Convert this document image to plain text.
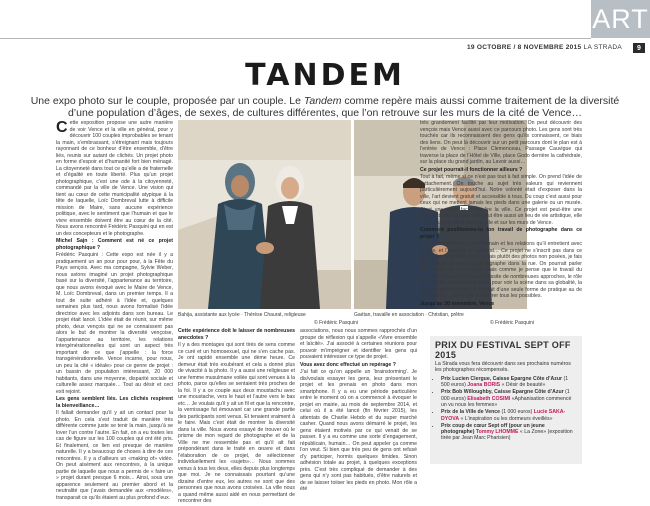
ART
19 OCTOBRE / 8 NOVEMBRE 2015 LA STRADA	9
TANDEM
Une expo photo sur le couple, proposée par un couple. Le Tandem comme repère mais aussi comme traitement de la diversité d’une population d’âges, de sexes, de cultures différentes, que l’on retrouve sur les murs de la cité de Vence…

Cette exposition propose une autre manière de voir Vence et la ville en général, pour y découvrir 100 couples improbables se tenant la main, s’embrassant, s’étreignant mais toujours rayonnant de ce bonheur d’être ensemble, d’être liés, reunis sur autant de clichés. Un projet photo en forme d’espoir et d’humanité fort bien ménagé. La citoyenneté dans tout ce qu’elle a de fraternelle et d’égalité en toute liberté. Plus qu’un projet photographique, c’est une ode à la citoyenneté, commandé par la ville de Vence. Une vision qui tient au cœur de cette municipalité atypique à la tête de laquelle, Loïc Dombreval lutte à difficile mission de Maire, sans aucune expérience politique, avec le sentiment que l’humain et que le vivre ensemble doivent être au cœur de la cité. Nous avons rencontré Frédéric Pasquini qui en est un des concepteurs et le photographe.

Michel Sajn : Comment est né ce projet photographique ?

Frédéric Pasquini : Cette expo est née il y a pratiquement un an pour pour pour, à la Fête du Pays vençois. Avec ma compagne, Sylvie Weber, nous avions imaginé un projet photographique basé sur la diversité, l’appartenance au territoire, que nous avons évoqué avec le Maire de Vence, M. Loïc Dombreval, dans un premier temps. Il a tout de suite adhéré à l’idée et, quelques semaines plus tard, nous avons formalisé l’idée directrice avec les adjoints dans son bureau. Le projet était lancé. L’idée était de réunir, sur même photo, deux vençois qui ne se connaissent pas alors le but de montrer la diversité vençoise, l’appartenance au territoire, les relations intergénérationnelles qui sont un aspect très important de ce que j’appelle : la force transgénérationnelle. Vence incarne, pour nous, un peu la cité « idéale» pour ce genre de projet : un bassin de population intéressant, 20 000 habitants, dans une moyenne, disparité sociale et culturelle assez marquée… Tout au désir et ceci exit rejoint.

Les gens semblent liés. Les clichés respirent la bienveillance…

Il fallait demander qu’il y ait un contact pour la photo. En cela s’est traduit de manière très différente comme juste se tenir la main, jusqu’à se lover l’un contre l’autre. En fait, on a eu toutes les cas de figure sur les 100 couples qui ont été pris. Et finalement, ce lien est presque de manière naturelle. Il y a beaucoup de choses à dire de ces rencontres. Il y a d’ailleurs un «making of» vidéo. On peut aisément aux rencontres, à la unique partie de laquelle que nous a permis de « faire un » projet durant presque 6 mois… Ainsi, sous une apparence seulement au premier abord et la neutralité que j’avais demandée aux «modèles», transparait ce qu’ils étaient au plus profond d’eux.

Bahija, assistante aux lycée · Thérèse Chaurat, religieuse
© Frédéric Pasquini
Gaétan, travaille en association · Christian, prêtre
© Frédéric Pasquini

Cette expérience doit le laisser de nombreuses anecdotes ?

Il y a des montages qui sont tirés de sens comme ce curé et un homosexuel, qui ne s’en cache pas. Je ont rapidé ensemble une dème heure. Ce demeur était très exubérant et cela a donné plus de vivacité à la photo. Il y a aussi une religieuse et une femme musulmane voilée qui sont venues à la photo, parce qu’elles se sentaient très proches de la foi. Il y a ce couple aux deux moustachu avec une moustache, vers le haut et l’autre vers le bas etc… Je voulais qu’il y ait un fil et que la rencontre, la vernissage fut émouvant car une grande partie des participants sont venus. Et tenaient vraiment à le faire. Mais c’est était de montrer la diversité dans la ville. Nous avons essayé de trouver où le prisme de mon regard de photographe et de la Ville ne me ressemble pas et qu’il ait fait prépondérant dans le traité en œuvre et dans l’élaboration de ce projet, de sélectionner individuellement les «sujets»… Nous sommes venus à tous les deux, elles depuis plus longtemps que moi. Je ne connaissais pourtant qu’une dizaine d’entre eux, les autres ne sont que des personnes que nous avons croisées. La ville nous a quand même aussi aidé en nous permettant de rencontrer des

associations, nous nous sommes rapprochés d’un groupe de réflexion qui s’appelle «Vivre ensemble et laïcité». J’ai associé à certaines réunions pour pouvoir m’imprégner et identifier les gens qui pouvaient intéresser ce type de projet.

Vous avez donc effectué un repérage ?

J’ai fait ce qu’on appelle un ‘brainstorming’. Je dis/voulais essayer les gens, leur présentant le projet et les prenais en photo dans mon smartphone. Il y a eu une période particulière entre le moment où on a commencé à évoquer le projet en mairie, au mois de septembre 2014, et celui où il a été lancé (fin février 2015), les attentats de Charlie Hebdo et du super marché casher. Quand nous avons démarré le projet, les gens étaient motivés par ce qui venait de se passer. Il y a eu comme une sorte d’engagement, républicain, humain… On peut appeler ça comme l’on veut. Si bien que très peu de gens ont refusé d’y participer, hormis quelques timides. Sinon adhésion totale au projet, à quelques exceptions près. C’est très compliqué de demander à des gens qui n’y sont pas habitués, d’être naturels et de se laisser toiiser les pieds en photo. Mon rôle a été

très grandement facilité par leur motivation. On peut découvrir des vençois mais Vence aussi avec ce parcours photo. Les gens sont très touchés car ils reconnaissent des gens qu’ils connaissent, ce biais des liens. On peut là découvrir sur un petit parcours dont le plan est à l’entrée de Vence : Place Clemenceau, Passage Cauvigue qui traverse la place de l’Hôtel de Ville, place Godo derrière la cathédrale, sur la place du grand jardin, au Lavoir aussi…

Ce projet pourrait-il fonctionner ailleurs ?

Tout à fait, même si ce n’est pas tout à fait simple. On prend l’idée de l’attachement. On touche au sujet très valeurs qui reviennent particulièrement aujourd’hui. Notre volonté était d’exposer dans la ville, l’art devient gratuit et accessible à tous. Du coup c’est aussi pour ceux qui ne mettent jamais les pieds dans une galerie ou un musée. C’est une autre façon de lire la ville. Ce projet est peut-être une démonstration qu’une ville peut être aussi un lieu de vie artistique, elle aussi tout son sens dans la ville et sur les murs de Vence.

Comment positionnes-tu ton travail de photographe dans ce projet ?

Ce qui m’intéresse, c’est l’humain et les relations qu’il entretient avec la ville, et l’urbanité en général… Ce projet ne s’inscrit pas dans ce que je fais habituellement, je fais plutôt des photos non posées, je fais mon travail de reporter-photographe dans la rue. On pourrait parler d’un projet de commande, mais comme je pense que le travail du photographe authentique nécessite de nombreuses approches, le rôle du reporter est d’avoir le recul pour voir la scène dans sa globalité, la ville est souvent donc le portrait d’une seule forme de pratique au de découverte… J’ai envie d’explorer tous les possibles.

Jusqu’au 30 novembre, Vence

PRIX DU FESTIVAL SEPT OFF 2015
La Strada vous fera découvrir dans ses prochains numéros les photographes récompensés.
• Prix Lucien Clergue, Caisse Epargne Côte d’Azur (1 500 euros) Joana BORIS « Désir de beauté»
• Prix Bob Willoughby, Caisse Epargne Côte d’Azur (1 000 euros) Elisabeth COSIMI «Aphanisation commencé un vu nous les femmes»
• Prix de la Ville de Vence (1 000 euros) Lucie SAKA-DYOVA « L’inspiration ou les dormeurs éveillés»
• Prix coup de cœur Sept off (pour un jeune photographe) Tommy LHOMME « La Zone» (exposition tirée par Jean Marc Pharisien)
